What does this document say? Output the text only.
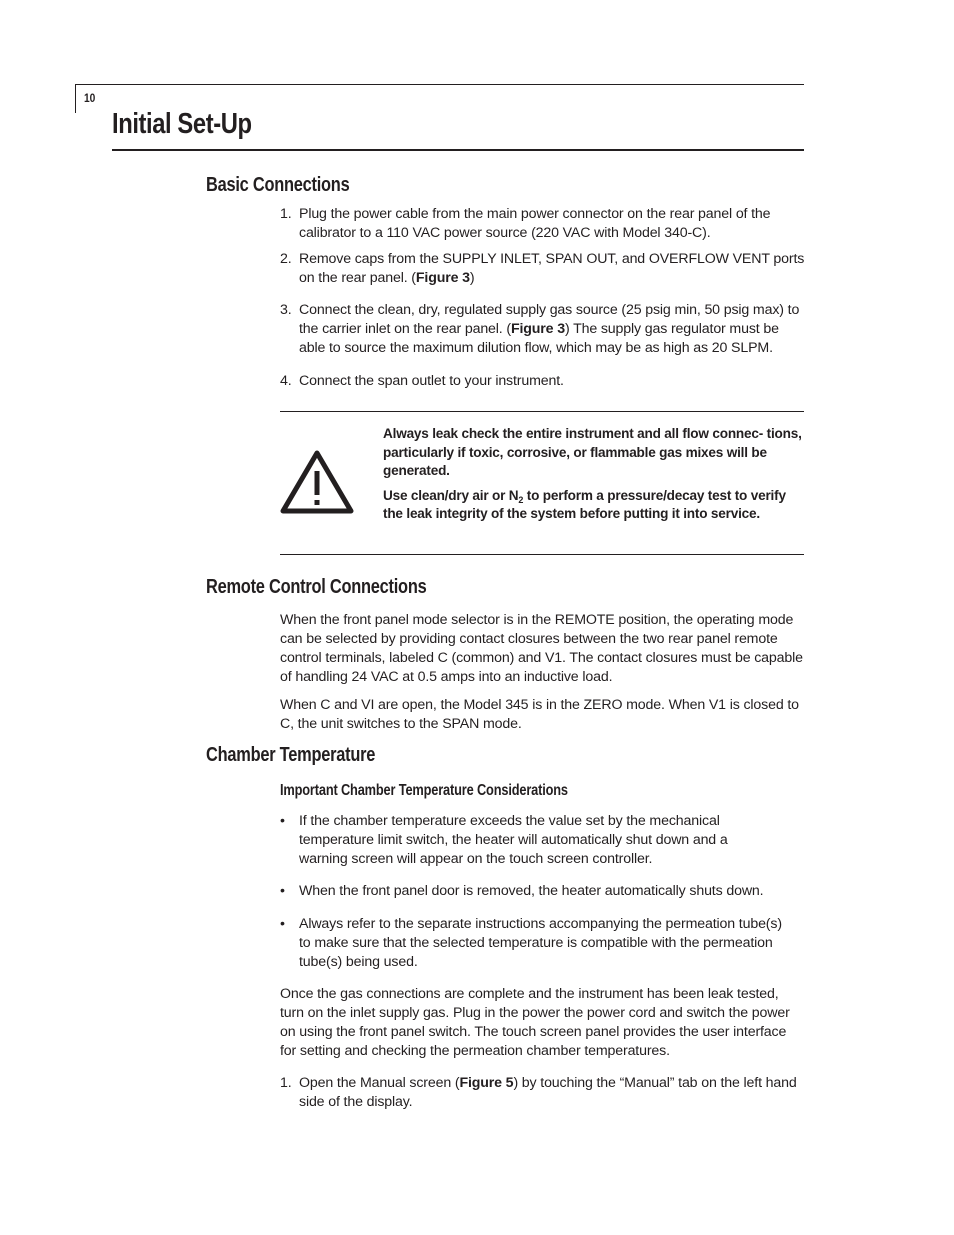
10
Initial Set-Up
Basic Connections
1. Plug the power cable from the main power connector on the rear panel of the calibrator to a 110 VAC power source (220 VAC with Model 340-C).
2. Remove caps from the SUPPLY INLET, SPAN OUT, and OVERFLOW VENT ports on the rear panel. (Figure 3)
3. Connect the clean, dry, regulated supply gas source (25 psig min, 50 psig max) to the carrier inlet on the rear panel. (Figure 3) The supply gas regulator must be able to source the maximum dilution flow, which may be as high as 20 SLPM.
4. Connect the span outlet to your instrument.

Always leak check the entire instrument and all flow connec- tions, particularly if toxic, corrosive, or flammable gas mixes will be generated.

Use clean/dry air or $N_2$ to perform a pressure/decay test to verify the leak integrity of the system before putting it into service.

Remote Control Connections

When the front panel mode selector is in the REMOTE position, the operating mode can be selected by providing contact closures between the two rear panel remote control terminals, labeled C (common) and V1. The contact closures must be capable of handling 24 VAC at 0.5 amps into an inductive load.

When C and VI are open, the Model 345 is in the ZERO mode. When V1 is closed to C, the unit switches to the SPAN mode.

Chamber Temperature
Important Chamber Temperature Considerations
• If the chamber temperature exceeds the value set by the mechanical temperature limit switch, the heater will automatically shut down and a warning screen will appear on the touch screen controller.
• When the front panel door is removed, the heater automatically shuts down.
• Always refer to the separate instructions accompanying the permeation tube(s) to make sure that the selected temperature is compatible with the permeation tube(s) being used.

Once the gas connections are complete and the instrument has been leak tested, turn on the inlet supply gas. Plug in the power the power cord and switch the power on using the front panel switch. The touch screen panel provides the user interface for setting and checking the permeation chamber temperatures.

1. Open the Manual screen (Figure 5) by touching the “Manual” tab on the left hand side of the display.
